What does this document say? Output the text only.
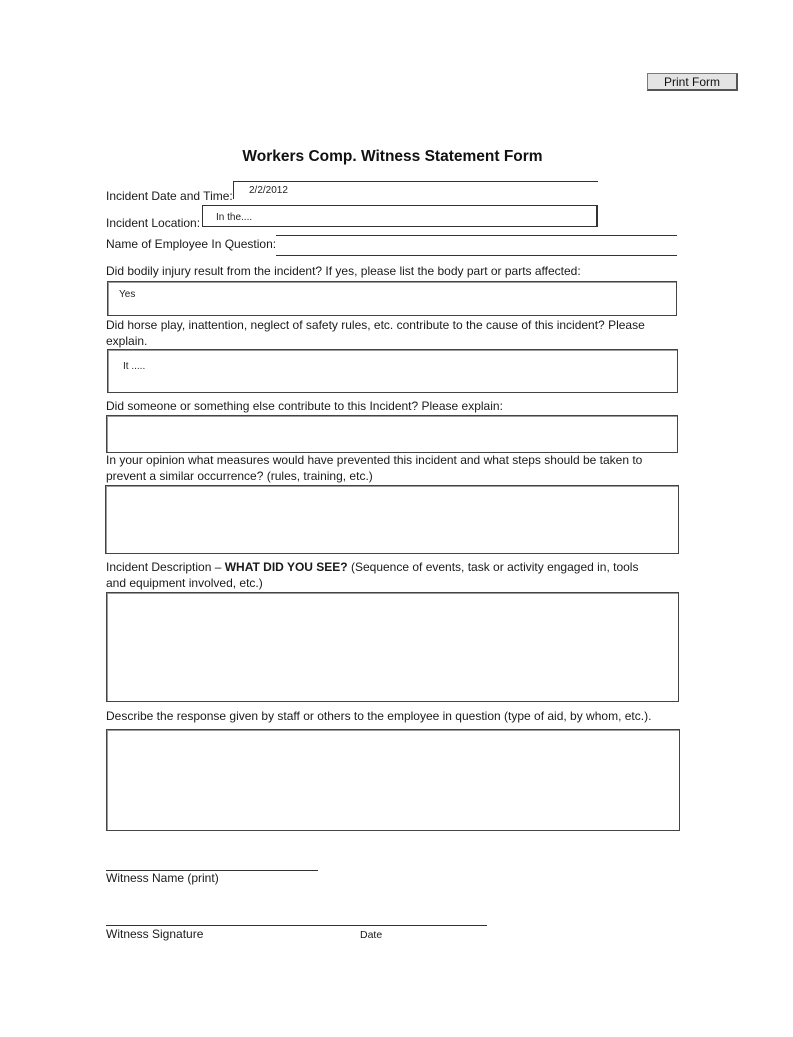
Print Form
Workers Comp. Witness Statement Form
Incident Date and Time: 2/2/2012
Incident Location: In the....
Name of Employee In Question:
Did bodily injury result from the incident? If yes, please list the body part or parts affected:
Yes
Did horse play, inattention, neglect of safety rules, etc. contribute to the cause of this incident? Please explain.
It .....
Did someone or something else contribute to this Incident? Please explain:
In your opinion what measures would have prevented this incident and what steps should be taken to prevent a similar occurrence? (rules, training, etc.)
Incident Description – WHAT DID YOU SEE? (Sequence of events, task or activity engaged in, tools and equipment involved, etc.)
Describe the response given by staff or others to the employee in question (type of aid, by whom, etc.).
Witness Name (print)
Witness Signature	Date
